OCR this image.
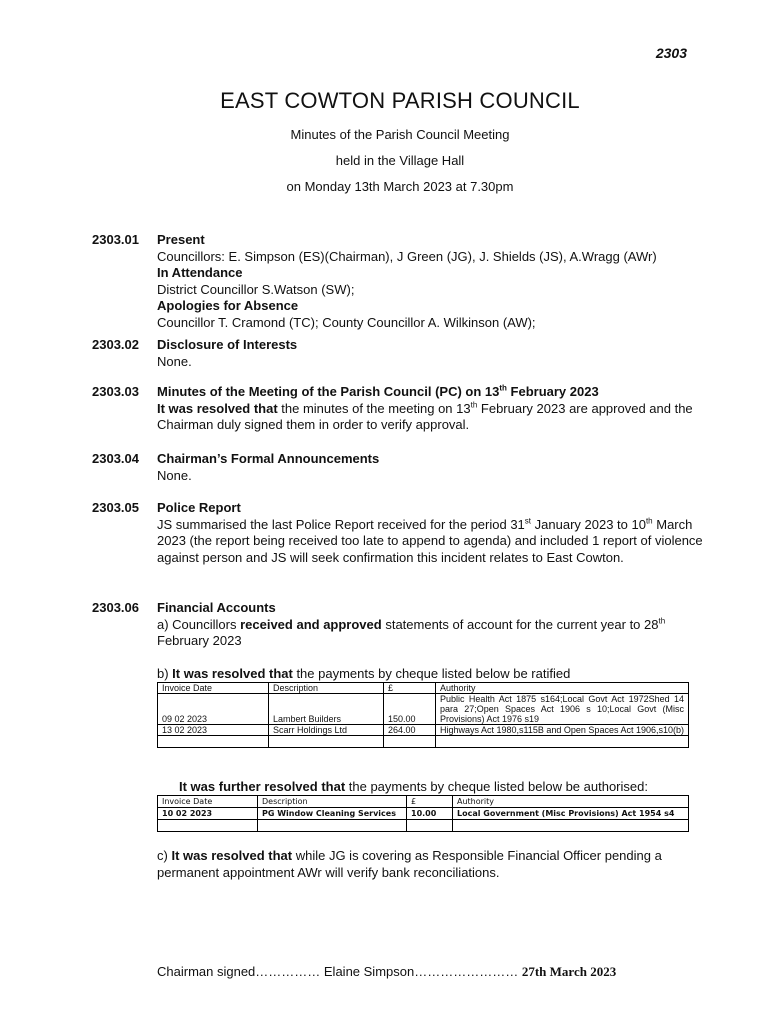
2303
EAST COWTON PARISH COUNCIL
Minutes of the Parish Council Meeting
held in the Village Hall
on Monday 13th March 2023 at 7.30pm
2303.01	Present
Councillors: E. Simpson (ES)(Chairman), J Green (JG), J. Shields (JS), A.Wragg (AWr)
In Attendance
District Councillor S.Watson (SW);
Apologies for Absence
Councillor T. Cramond (TC); County Councillor A. Wilkinson (AW);
2303.02	Disclosure of Interests
None.
2303.03	Minutes of the Meeting of the Parish Council (PC) on 13th February 2023
It was resolved that the minutes of the meeting on 13th February 2023 are approved and the Chairman duly signed them in order to verify approval.
2303.04	Chairman’s Formal Announcements
None.
2303.05	Police Report
JS summarised the last Police Report received for the period 31st January 2023 to 10th March 2023 (the report being received too late to append to agenda) and included 1 report of violence against person and JS will seek confirmation this incident relates to East Cowton.
2303.06	Financial Accounts
a) Councillors received and approved statements of account for the current year to 28th February 2023
b) It was resolved that the payments by cheque listed below be ratified
Invoice Date	Description	£	Authority
09 02 2023	Lambert Builders	150.00	Public Health Act 1875 s164;Local Govt Act 1972Shed 14 para 27;Open Spaces Act 1906 s 10;Local Govt (Misc Provisions) Act 1976 s19
13 02 2023	Scarr Holdings Ltd	264.00	Highways Act 1980,s115B and Open Spaces Act 1906,s10(b)

It was further resolved that the payments by cheque listed below be authorised:
Invoice Date	Description	£	Authority
10 02 2023	PG Window Cleaning Services	10.00	Local Government (Misc Provisions) Act 1954 s4

c) It was resolved that while JG is covering as Responsible Financial Officer pending a permanent appointment AWr will verify bank reconciliations.
Chairman signed…………… Elaine Simpson…………………… 27th March 2023
